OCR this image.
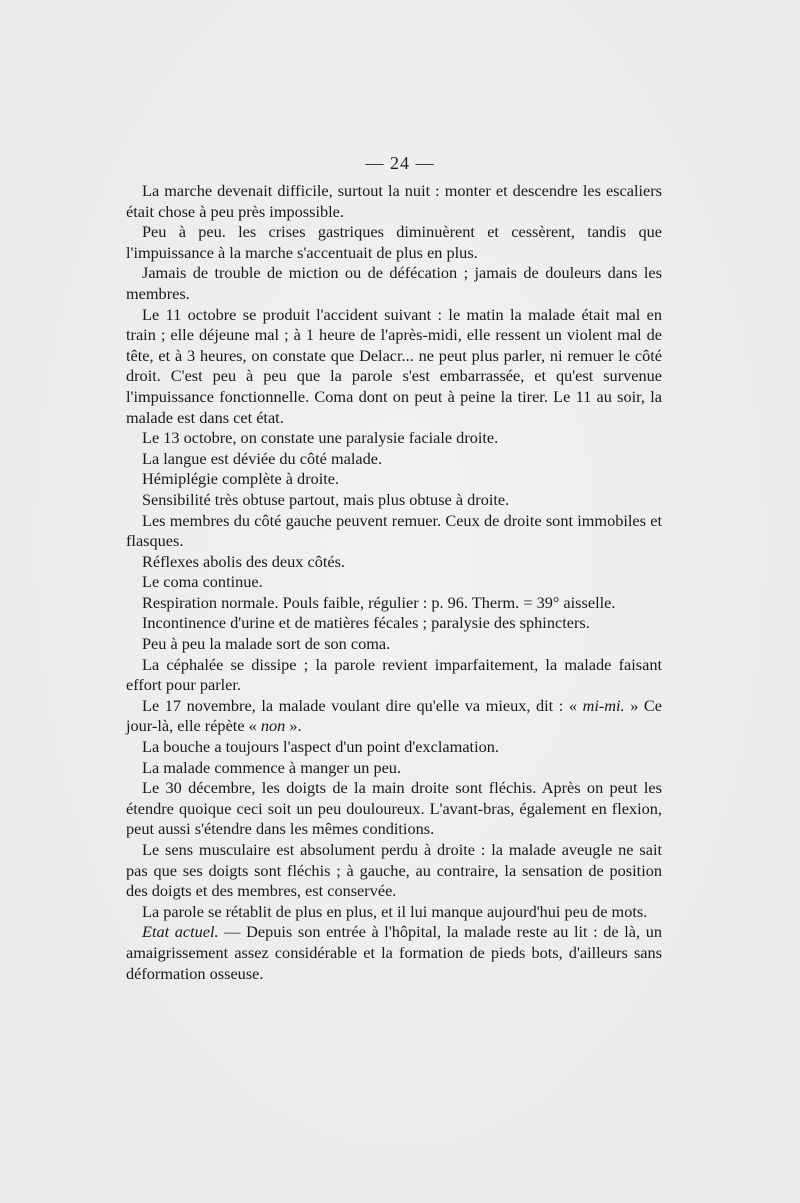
— 24 —

La marche devenait difficile, surtout la nuit : monter et descendre les escaliers était chose à peu près impossible.

Peu à peu. les crises gastriques diminuèrent et cessèrent, tandis que l'impuissance à la marche s'accentuait de plus en plus.

Jamais de trouble de miction ou de défécation ; jamais de douleurs dans les membres.

Le 11 octobre se produit l'accident suivant : le matin la malade était mal en train ; elle déjeune mal ; à 1 heure de l'après-midi, elle ressent un violent mal de tête, et à 3 heures, on constate que Delacr... ne peut plus parler, ni remuer le côté droit. C'est peu à peu que la parole s'est embarrassée, et qu'est survenue l'impuissance fonctionnelle. Coma dont on peut à peine la tirer. Le 11 au soir, la malade est dans cet état.

Le 13 octobre, on constate une paralysie faciale droite.

La langue est déviée du côté malade.

Hémiplégie complète à droite.

Sensibilité très obtuse partout, mais plus obtuse à droite.

Les membres du côté gauche peuvent remuer. Ceux de droite sont immobiles et flasques.

Réflexes abolis des deux côtés.

Le coma continue.

Respiration normale. Pouls faible, régulier : p. 96. Therm. = 39° aisselle.

Incontinence d'urine et de matières fécales ; paralysie des sphincters.

Peu à peu la malade sort de son coma.

La céphalée se dissipe ; la parole revient imparfaitement, la malade faisant effort pour parler.

Le 17 novembre, la malade voulant dire qu'elle va mieux, dit : « mi-mi. » Ce jour-là, elle répète « non ».

La bouche a toujours l'aspect d'un point d'exclamation.

La malade commence à manger un peu.

Le 30 décembre, les doigts de la main droite sont fléchis. Après on peut les étendre quoique ceci soit un peu douloureux. L'avant-bras, également en flexion, peut aussi s'étendre dans les mêmes conditions.

Le sens musculaire est absolument perdu à droite : la malade aveugle ne sait pas que ses doigts sont fléchis ; à gauche, au contraire, la sensation de position des doigts et des membres, est conservée.

La parole se rétablit de plus en plus, et il lui manque aujourd'hui peu de mots.

Etat actuel. — Depuis son entrée à l'hôpital, la malade reste au lit : de là, un amaigrissement assez considérable et la formation de pieds bots, d'ailleurs sans déformation osseuse.
